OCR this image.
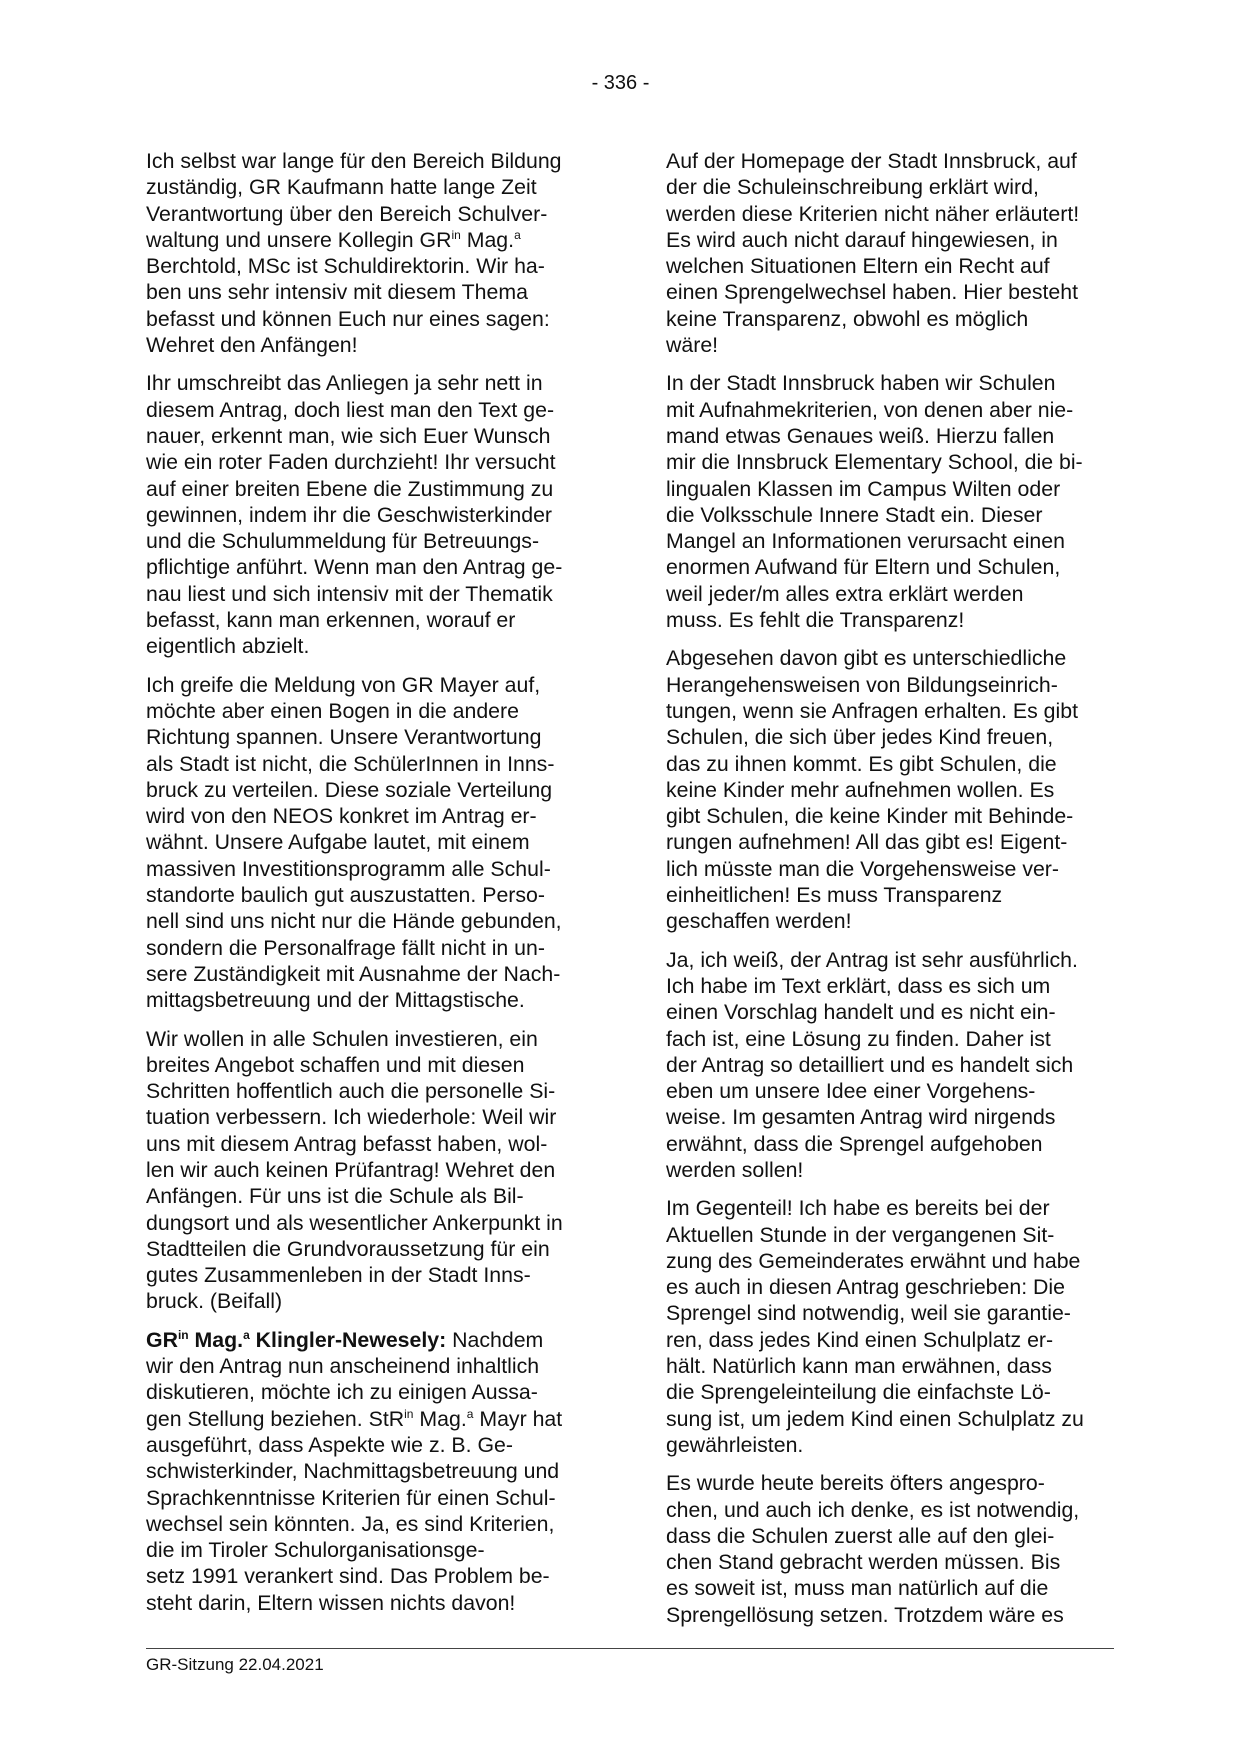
- 336 -

Ich selbst war lange für den Bereich Bildung
zuständig, GR Kaufmann hatte lange Zeit
Verantwortung über den Bereich Schulver-
waltung und unsere Kollegin $GR^{in}$ Mag.$^a$
Berchtold, MSc ist Schuldirektorin. Wir ha-
ben uns sehr intensiv mit diesem Thema
befasst und können Euch nur eines sagen:
Wehret den Anfängen!

Ihr umschreibt das Anliegen ja sehr nett in
diesem Antrag, doch liest man den Text ge-
nauer, erkennt man, wie sich Euer Wunsch
wie ein roter Faden durchzieht! Ihr versucht
auf einer breiten Ebene die Zustimmung zu
gewinnen, indem ihr die Geschwisterkinder
und die Schulummeldung für Betreuungs-
pflichtige anführt. Wenn man den Antrag ge-
nau liest und sich intensiv mit der Thematik
befasst, kann man erkennen, worauf er
eigentlich abzielt.

Ich greife die Meldung von GR Mayer auf,
möchte aber einen Bogen in die andere
Richtung spannen. Unsere Verantwortung
als Stadt ist nicht, die SchülerInnen in Inns-
bruck zu verteilen. Diese soziale Verteilung
wird von den NEOS konkret im Antrag er-
wähnt. Unsere Aufgabe lautet, mit einem
massiven Investitionsprogramm alle Schul-
standorte baulich gut auszustatten. Perso-
nell sind uns nicht nur die Hände gebunden,
sondern die Personalfrage fällt nicht in un-
sere Zuständigkeit mit Ausnahme der Nach-
mittagsbetreuung und der Mittagstische.

Wir wollen in alle Schulen investieren, ein
breites Angebot schaffen und mit diesen
Schritten hoffentlich auch die personelle Si-
tuation verbessern. Ich wiederhole: Weil wir
uns mit diesem Antrag befasst haben, wol-
len wir auch keinen Prüfantrag! Wehret den
Anfängen. Für uns ist die Schule als Bil-
dungsort und als wesentlicher Ankerpunkt in
Stadtteilen die Grundvoraussetzung für ein
gutes Zusammenleben in der Stadt Inns-
bruck. (Beifall)

$GR^{in}$ Mag.$^a$ Klingler-Newesely: Nachdem
wir den Antrag nun anscheinend inhaltlich
diskutieren, möchte ich zu einigen Aussa-
gen Stellung beziehen. StR$^{in}$ Mag.$^a$ Mayr hat
ausgeführt, dass Aspekte wie z. B. Ge-
schwisterkinder, Nachmittagsbetreuung und
Sprachkenntnisse Kriterien für einen Schul-
wechsel sein könnten. Ja, es sind Kriterien,
die im Tiroler Schulorganisationsge-
setz 1991 verankert sind. Das Problem be-
steht darin, Eltern wissen nichts davon!

Auf der Homepage der Stadt Innsbruck, auf
der die Schuleinschreibung erklärt wird,
werden diese Kriterien nicht näher erläutert!
Es wird auch nicht darauf hingewiesen, in
welchen Situationen Eltern ein Recht auf
einen Sprengelwechsel haben. Hier besteht
keine Transparenz, obwohl es möglich
wäre!

In der Stadt Innsbruck haben wir Schulen
mit Aufnahmekriterien, von denen aber nie-
mand etwas Genaues weiß. Hierzu fallen
mir die Innsbruck Elementary School, die bi-
lingualen Klassen im Campus Wilten oder
die Volksschule Innere Stadt ein. Dieser
Mangel an Informationen verursacht einen
enormen Aufwand für Eltern und Schulen,
weil jeder/m alles extra erklärt werden
muss. Es fehlt die Transparenz!

Abgesehen davon gibt es unterschiedliche
Herangehensweisen von Bildungseinrich-
tungen, wenn sie Anfragen erhalten. Es gibt
Schulen, die sich über jedes Kind freuen,
das zu ihnen kommt. Es gibt Schulen, die
keine Kinder mehr aufnehmen wollen. Es
gibt Schulen, die keine Kinder mit Behinde-
rungen aufnehmen! All das gibt es! Eigent-
lich müsste man die Vorgehensweise ver-
einheitlichen! Es muss Transparenz
geschaffen werden!

Ja, ich weiß, der Antrag ist sehr ausführlich.
Ich habe im Text erklärt, dass es sich um
einen Vorschlag handelt und es nicht ein-
fach ist, eine Lösung zu finden. Daher ist
der Antrag so detailliert und es handelt sich
eben um unsere Idee einer Vorgehens-
weise. Im gesamten Antrag wird nirgends
erwähnt, dass die Sprengel aufgehoben
werden sollen!

Im Gegenteil! Ich habe es bereits bei der
Aktuellen Stunde in der vergangenen Sit-
zung des Gemeinderates erwähnt und habe
es auch in diesen Antrag geschrieben: Die
Sprengel sind notwendig, weil sie garantie-
ren, dass jedes Kind einen Schulplatz er-
hält. Natürlich kann man erwähnen, dass
die Sprengeleinteilung die einfachste Lö-
sung ist, um jedem Kind einen Schulplatz zu
gewährleisten.

Es wurde heute bereits öfters angespro-
chen, und auch ich denke, es ist notwendig,
dass die Schulen zuerst alle auf den glei-
chen Stand gebracht werden müssen. Bis
es soweit ist, muss man natürlich auf die
Sprengellösung setzen. Trotzdem wäre es

GR-Sitzung 22.04.2021
